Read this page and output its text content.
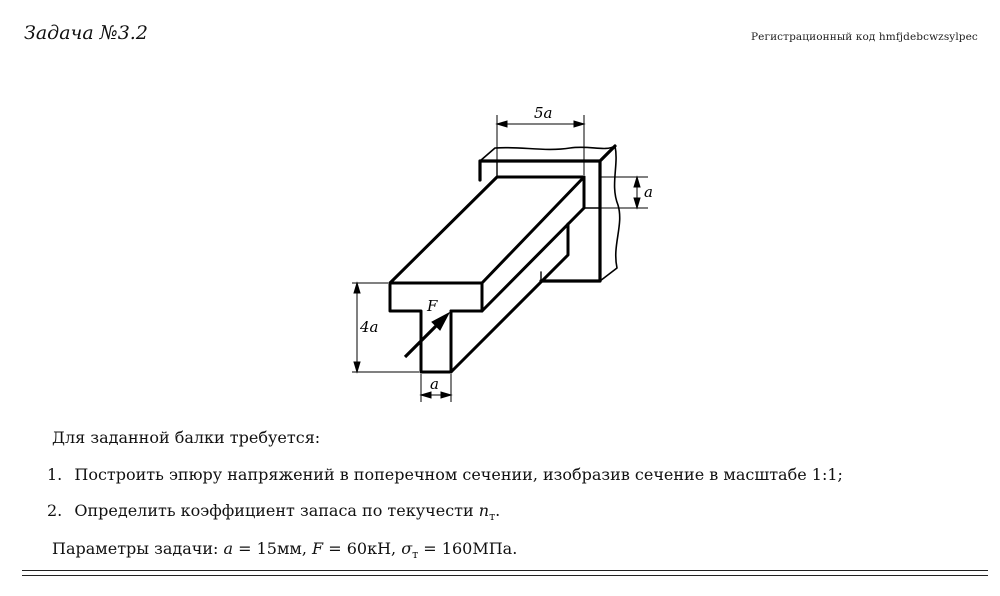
Задача №3.2	Регистрационный код hmfjdebcwzsylpec
5a
a
4a
a
F
Для заданной балки требуется:
1. Построить эпюру напряжений в поперечном сечении, изобразив сечение в масштабе 1:1;
2. Определить коэффициент запаса по текучести $n_т$.
Параметры задачи: a = 15мм, F = 60кН, $\sigma_т = 160МПа$.
